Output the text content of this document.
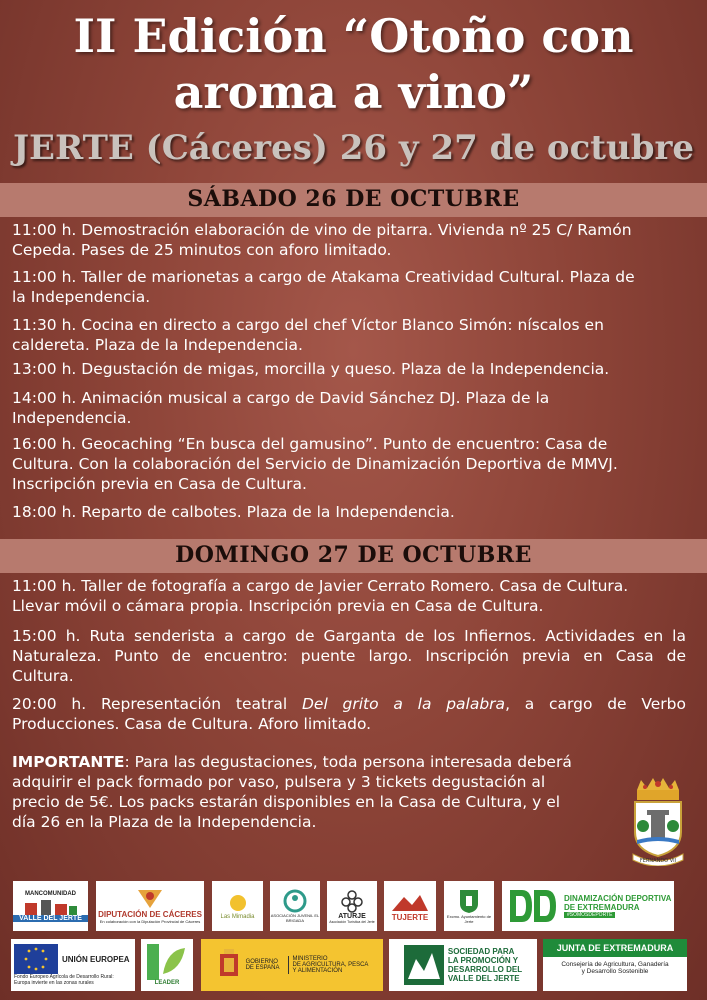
II Edición “Otoño con
aroma a vino”
JERTE (Cáceres) 26 y 27 de octubre
SÁBADO 26 DE OCTUBRE
11:00 h. Demostración elaboración de vino de pitarra. Vivienda nº 25 C/ Ramón
Cepeda. Pases de 25 minutos con aforo limitado.
11:00 h. Taller de marionetas a cargo de Atakama Creatividad Cultural. Plaza de
la Independencia.
11:30 h. Cocina en directo a cargo del chef Víctor Blanco Simón: níscalos en
caldereta. Plaza de la Independencia.
13:00 h. Degustación de migas, morcilla y queso. Plaza de la Independencia.
14:00 h. Animación musical a cargo de David Sánchez DJ. Plaza de la
Independencia.
16:00 h. Geocaching “En busca del gamusino”. Punto de encuentro: Casa de
Cultura. Con la colaboración del Servicio de Dinamización Deportiva de MMVJ.
Inscripción previa en Casa de Cultura.
18:00 h. Reparto de calbotes. Plaza de la Independencia.
DOMINGO 27 DE OCTUBRE
11:00 h. Taller de fotografía a cargo de Javier Cerrato Romero. Casa de Cultura.
Llevar móvil o cámara propia. Inscripción previa en Casa de Cultura.
15:00 h. Ruta senderista a cargo de Garganta de los Infiernos. Actividades en la
Naturaleza. Punto de encuentro: puente largo. Inscripción previa en Casa de
Cultura.
20:00 h. Representación teatral Del grito a la palabra, a cargo de Verbo
Producciones. Casa de Cultura. Aforo limitado.
IMPORTANTE: Para las degustaciones, toda persona interesada deberá
adquirir el pack formado por vaso, pulsera y 3 tickets degustación al
precio de 5€. Los packs estarán disponibles en la Casa de Cultura, y el
día 26 en la Plaza de la Independencia.
FERNANDO VII
MANCOMUNIDAD
VALLE DEL JERTE	DIPUTACIÓN DE CÁCERES
En colaboración con la Diputación Provincial de Cáceres
Las Mimadia	ASOCIACIÓN JUVENIL EL BRIGADA
ATURJE
Asociación Turística del Jerte TUJERTE	Excmo. Ayuntamiento de Jerte
DINAMIZACIÓN DEPORTIVA
DE EXTREMADURA
#SOMOSDEPORTE
UNIÓN EUROPEA
Fondo Europeo Agrícola de Desarrollo Rural:
Europa invierte en las zonas rurales	LEADER
GOBIERNO
DE ESPAÑA
MINISTERIO
DE AGRICULTURA, PESCA
Y ALIMENTACIÓN
SOCIEDAD PARA
LA PROMOCIÓN Y
DESARROLLO DEL
VALLE DEL JERTE
JUNTA DE EXTREMADURA
Consejería de Agricultura, Ganadería
y Desarrollo Sostenible
